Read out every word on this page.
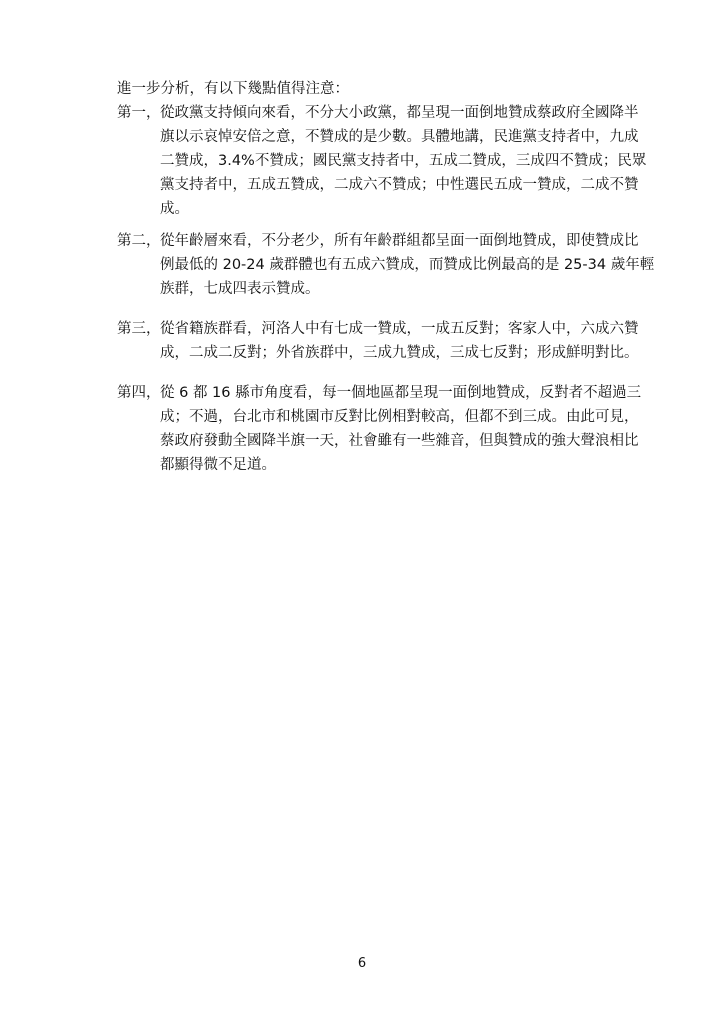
進一步分析，有以下幾點值得注意：
第一， 從政黨支持傾向來看，不分大小政黨，都呈現一面倒地贊成蔡政府全國降半
旗以示哀悼安倍之意，不贊成的是少數。具體地講，民進黨支持者中，九成
二贊成，3.4%不贊成；國民黨支持者中，五成二贊成，三成四不贊成；民眾
黨支持者中，五成五贊成，二成六不贊成；中性選民五成一贊成，二成不贊
成。
第二， 從年齡層來看，不分老少，所有年齡群組都呈面一面倒地贊成，即使贊成比
例最低的 20-24 歲群體也有五成六贊成，而贊成比例最高的是 25-34 歲年輕
族群，七成四表示贊成。
第三， 從省籍族群看，河洛人中有七成一贊成，一成五反對；客家人中，六成六贊
成，二成二反對；外省族群中，三成九贊成，三成七反對；形成鮮明對比。
第四， 從 6 都 16 縣市角度看，每一個地區都呈現一面倒地贊成，反對者不超過三
成；不過，台北市和桃園市反對比例相對較高，但都不到三成。由此可見，
蔡政府發動全國降半旗一天，社會雖有一些雜音，但與贊成的強大聲浪相比
都顯得微不足道。
6
